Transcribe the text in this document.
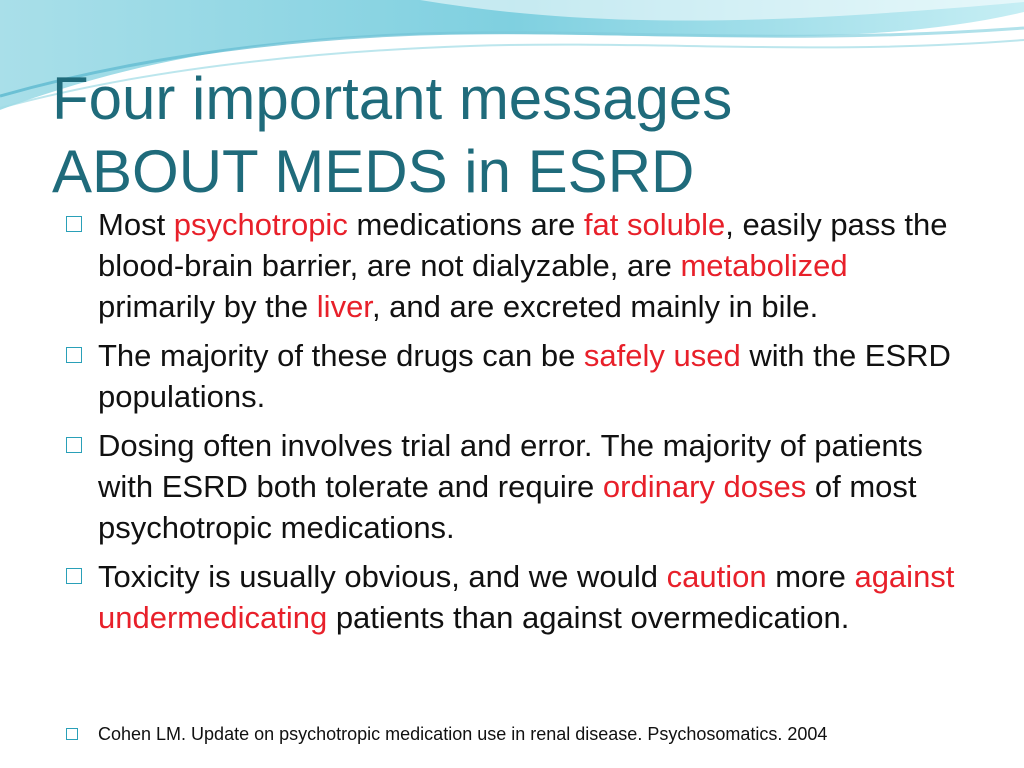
Four important messages
ABOUT MEDS in ESRD
Most psychotropic medications are fat soluble, easily pass the blood-brain barrier, are not dialyzable, are metabolized primarily by the liver, and are excreted mainly in bile.
The majority of these drugs can be safely used with the ESRD populations.
Dosing often involves trial and error. The majority of patients with ESRD both tolerate and require ordinary doses of most psychotropic medications.
Toxicity is usually obvious, and we would caution more against undermedicating patients than against overmedication.
Cohen LM. Update on psychotropic medication use in renal disease. Psychosomatics. 2004
